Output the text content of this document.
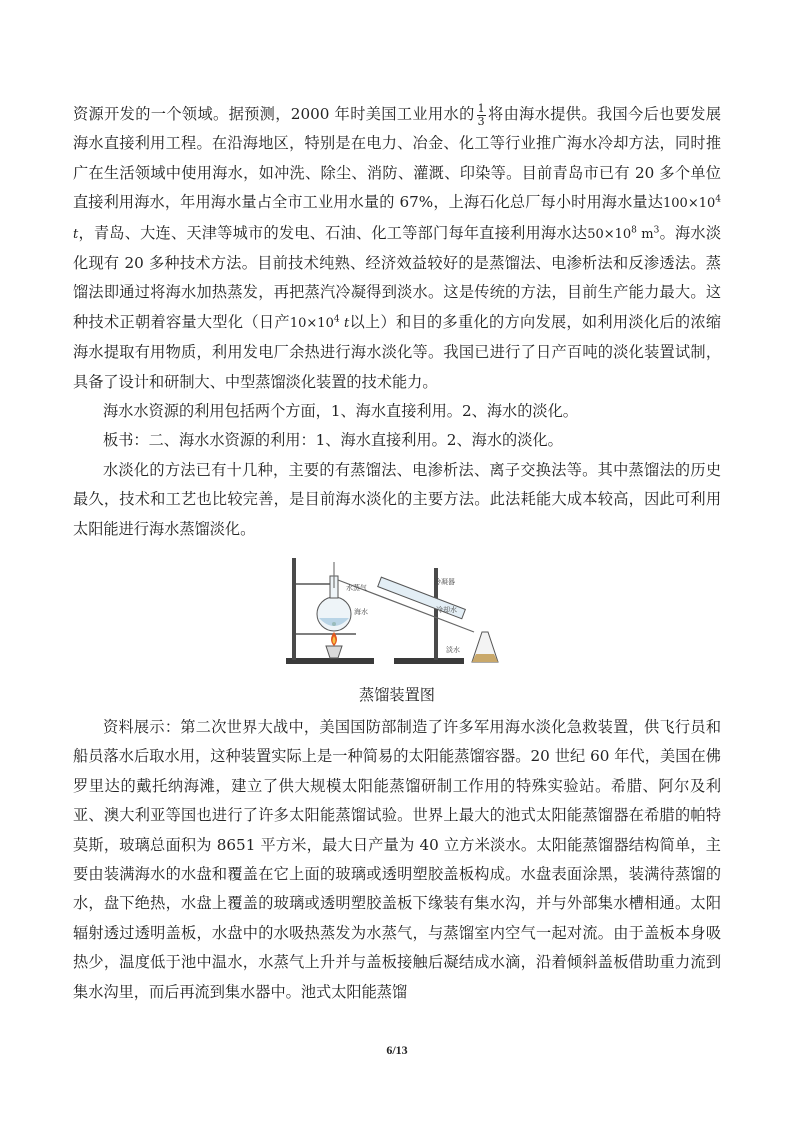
资源开发的一个领域。据预测，2000 年时美国工业用水的 $\frac{1}{3}$ 将由海水提供。我国今后也要发展海水直接利用工程。在沿海地区，特别是在电力、冶金、化工等行业推广海水冷却方法，同时推广在生活领域中使用海水，如冲洗、除尘、消防、灌溉、印染等。目前青岛市已有 20 多个单位直接利用海水，年用海水量占全市工业用水量的 67%，上海石化总厂每小时用海水量达$100\times 10^4$ t，青岛、大连、天津等城市的发电、石油、化工等部门每年直接利用海水达$50\times 10^8$ $m^3$。海水淡化现有 20 多种技术方法。目前技术纯熟、经济效益较好的是蒸馏法、电渗析法和反渗透法。蒸馏法即通过将海水加热蒸发，再把蒸汽冷凝得到淡水。这是传统的方法，目前生产能力最大。这种技术正朝着容量大型化（日产$10\times 10^4$ t以上）和目的多重化的方向发展，如利用淡化后的浓缩海水提取有用物质，利用发电厂余热进行海水淡化等。我国已进行了日产百吨的淡化装置试制，具备了设计和研制大、中型蒸馏淡化装置的技术能力。

海水水资源的利用包括两个方面，1、海水直接利用。2、海水的淡化。

板书：二、海水水资源的利用：1、海水直接利用。2、海水的淡化。

水淡化的方法已有十几种，主要的有蒸馏法、电渗析法、离子交换法等。其中蒸馏法的历史最久，技术和工艺也比较完善，是目前海水淡化的主要方法。此法耗能大成本较高，因此可利用太阳能进行海水蒸馏淡化。

水蒸气
海水
冷凝器
冷却水
淡水
蒸馏装置图

资料展示：第二次世界大战中，美国国防部制造了许多军用海水淡化急救装置，供飞行员和船员落水后取水用，这种装置实际上是一种简易的太阳能蒸馏容器。20 世纪 60 年代，美国在佛罗里达的戴托纳海滩，建立了供大规模太阳能蒸馏研制工作用的特殊实验站。希腊、阿尔及利亚、澳大利亚等国也进行了许多太阳能蒸馏试验。世界上最大的池式太阳能蒸馏器在希腊的帕特莫斯，玻璃总面积为 8651 平方米，最大日产量为 40 立方米淡水。太阳能蒸馏器结构简单，主要由装满海水的水盘和覆盖在它上面的玻璃或透明塑胶盖板构成。水盘表面涂黑，装满待蒸馏的水，盘下绝热，水盘上覆盖的玻璃或透明塑胶盖板下缘装有集水沟，并与外部集水槽相通。太阳辐射透过透明盖板，水盘中的水吸热蒸发为水蒸气，与蒸馏室内空气一起对流。由于盖板本身吸热少，温度低于池中温水，水蒸气上升并与盖板接触后凝结成水滴，沿着倾斜盖板借助重力流到集水沟里，而后再流到集水器中。池式太阳能蒸馏

6/13
